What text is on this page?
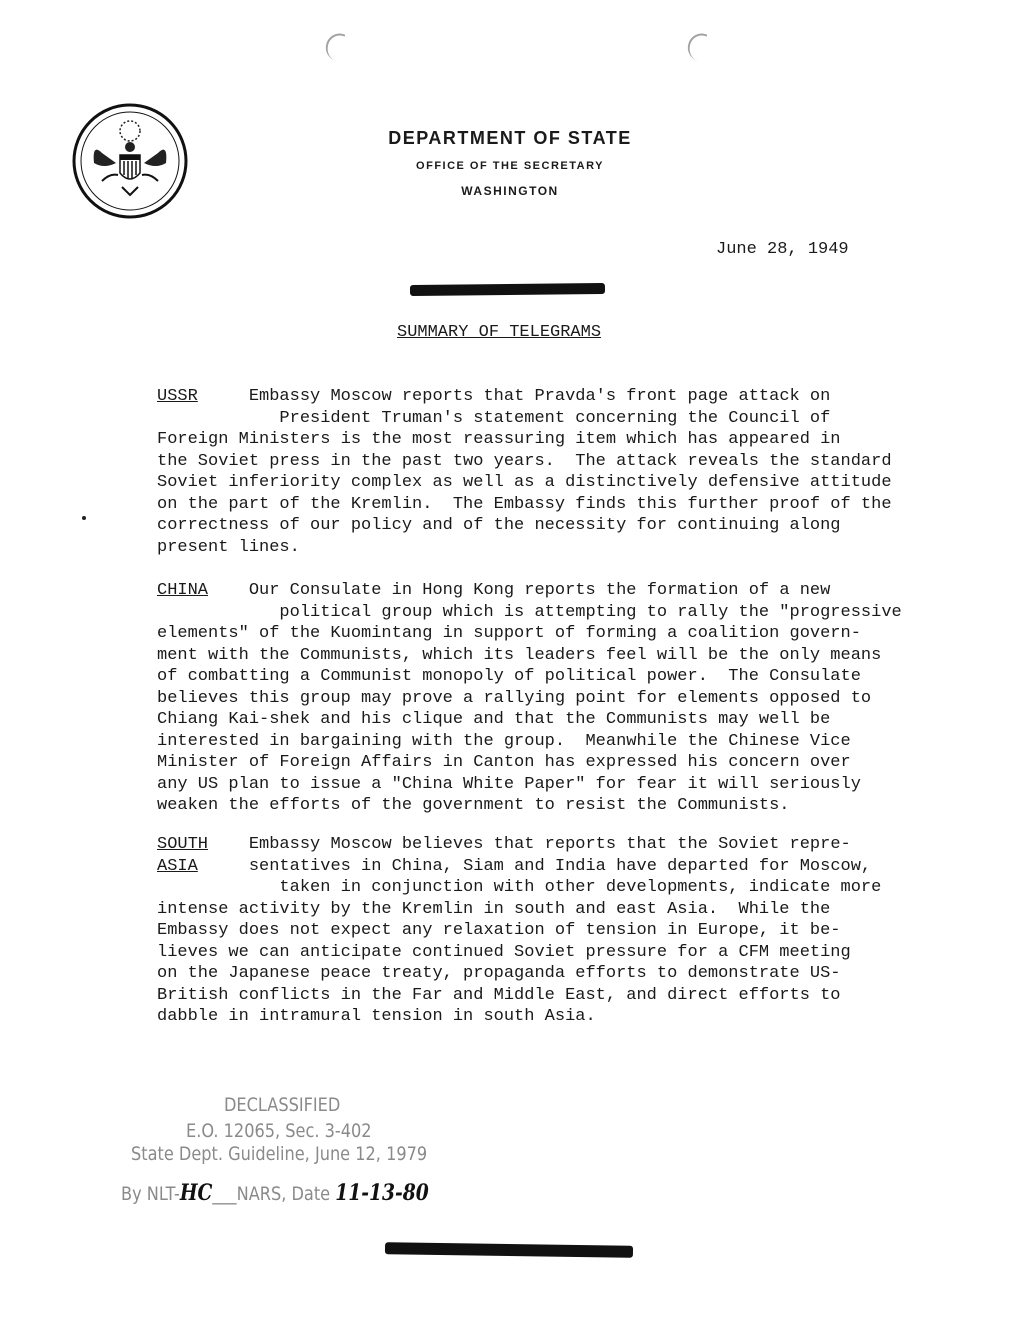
DEPARTMENT OF STATE
OFFICE OF THE SECRETARY
WASHINGTON
June 28, 1949
SUMMARY OF TELEGRAMS
USSR	Embassy Moscow reports that Pravda's front page attack on
President Truman's statement concerning the Council of
Foreign Ministers is the most reassuring item which has appeared in
the Soviet press in the past two years.  The attack reveals the standard
Soviet inferiority complex as well as a distinctively defensive attitude
on the part of the Kremlin.  The Embassy finds this further proof of the
correctness of our policy and of the necessity for continuing along
present lines.
CHINA Our Consulate in Hong Kong reports the formation of a new
political group which is attempting to rally the "progressive
elements" of the Kuomintang in support of forming a coalition govern-
ment with the Communists, which its leaders feel will be the only means
of combatting a Communist monopoly of political power.  The Consulate
believes this group may prove a rallying point for elements opposed to
Chiang Kai-shek and his clique and that the Communists may well be
interested in bargaining with the group.  Meanwhile the Chinese Vice
Minister of Foreign Affairs in Canton has expressed his concern over
any US plan to issue a "China White Paper" for fear it will seriously
weaken the efforts of the government to resist the Communists.
SOUTH Embassy Moscow believes that reports that the Soviet repre-
ASIA	sentatives in China, Siam and India have departed for Moscow,
taken in conjunction with other developments, indicate more
intense activity by the Kremlin in south and east Asia.  While the
Embassy does not expect any relaxation of tension in Europe, it be-
lieves we can anticipate continued Soviet pressure for a CFM meeting
on the Japanese peace treaty, propaganda efforts to demonstrate US-
British conflicts in the Far and Middle East, and direct efforts to
dabble in intramural tension in south Asia.
DECLASSIFIED
E.O. 12065, Sec. 3-402
State Dept. Guideline, June 12, 1979
By NLT-HC___NARS, Date 11-13-80
